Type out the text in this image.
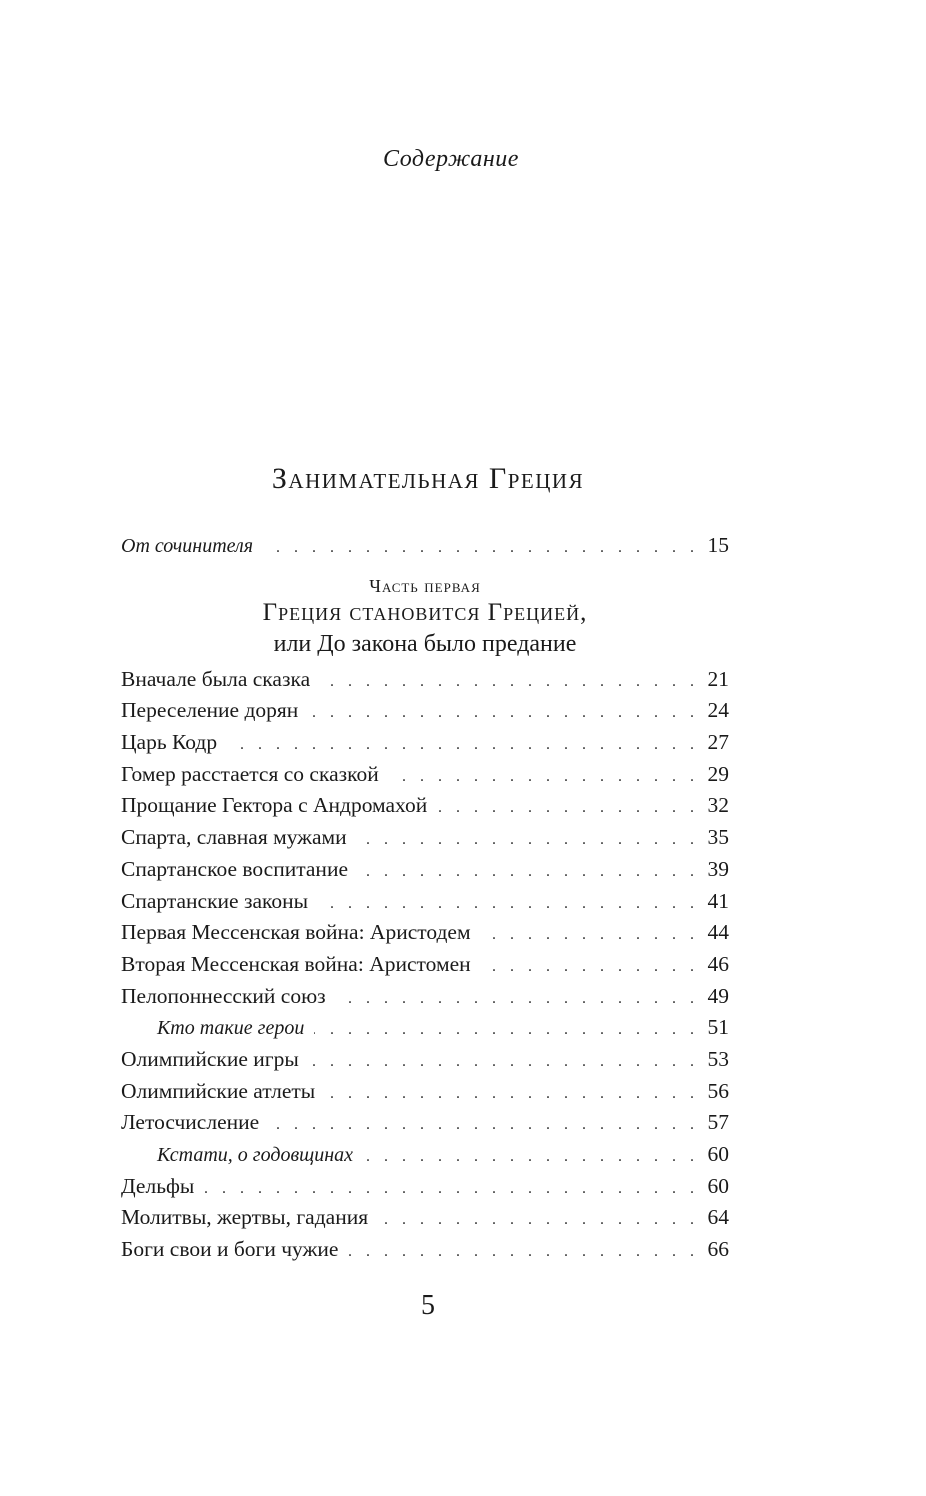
Содержание
Занимательная Греция
От сочинителя . . .	15
Часть первая
Греция становится Грецией,
или До закона было предание
Вначале была сказка . . .	21
Переселение дорян . . .	24
Царь Кодр . . .	27
Гомер расстается со сказкой . . .	29
Прощание Гектора с Андромахой . . .	32
Спарта, славная мужами . . .	35
Спартанское воспитание . . .	39
Спартанские законы . . .	41
Первая Мессенская война: Аристодем . . .	44
Вторая Мессенская война: Аристомен . . .	46
Пелопоннесский союз . . .	49
Кто такие герои . . .	51
Олимпийские игры . . .	53
Олимпийские атлеты . . .	56
Летосчисление . . .	57
Кстати, о годовщинах . . .	60
Дельфы . . .	60
Молитвы, жертвы, гадания . . .	64
Боги свои и боги чужие . . .	66
5
